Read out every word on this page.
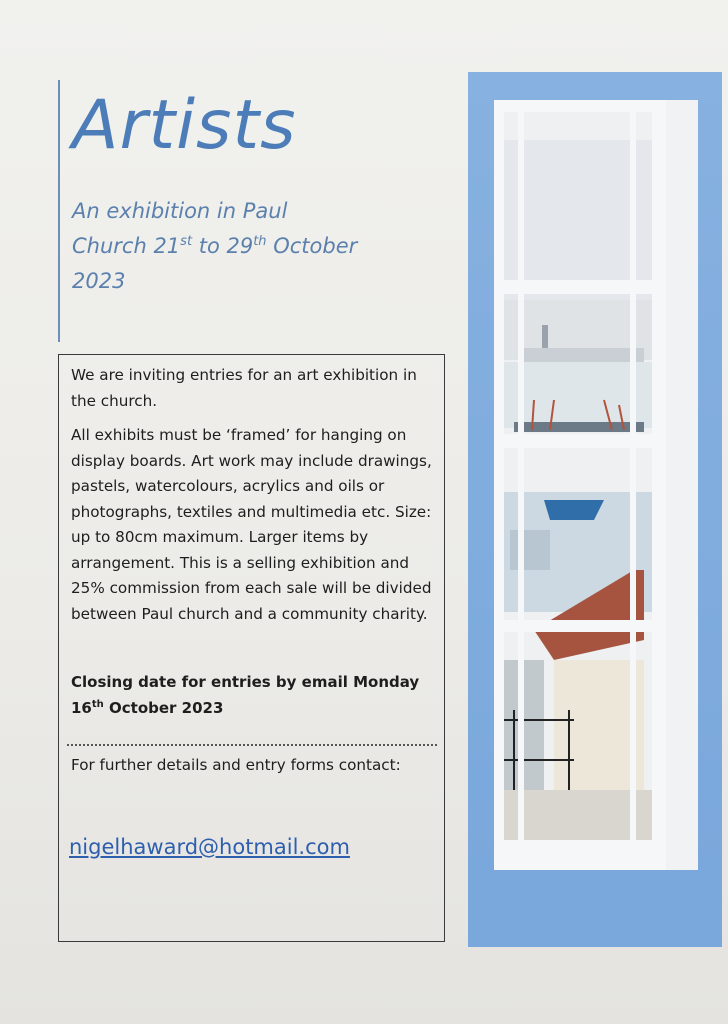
Artists
An exhibition in Paul
Church 21st to 29th October
2023

We are inviting entries for an art exhibition in the church.

All exhibits must be ‘framed’ for hanging on display boards. Art work may include drawings, pastels, watercolours, acrylics and oils or photographs, textiles and multimedia etc. Size: up to 80cm maximum. Larger items by arrangement. This is a selling exhibition and 25% commission from each sale will be divided between Paul church and a community charity.

Closing date for entries by email Monday 16th October 2023

For further details and entry forms contact:

nigelhaward@hotmail.com
